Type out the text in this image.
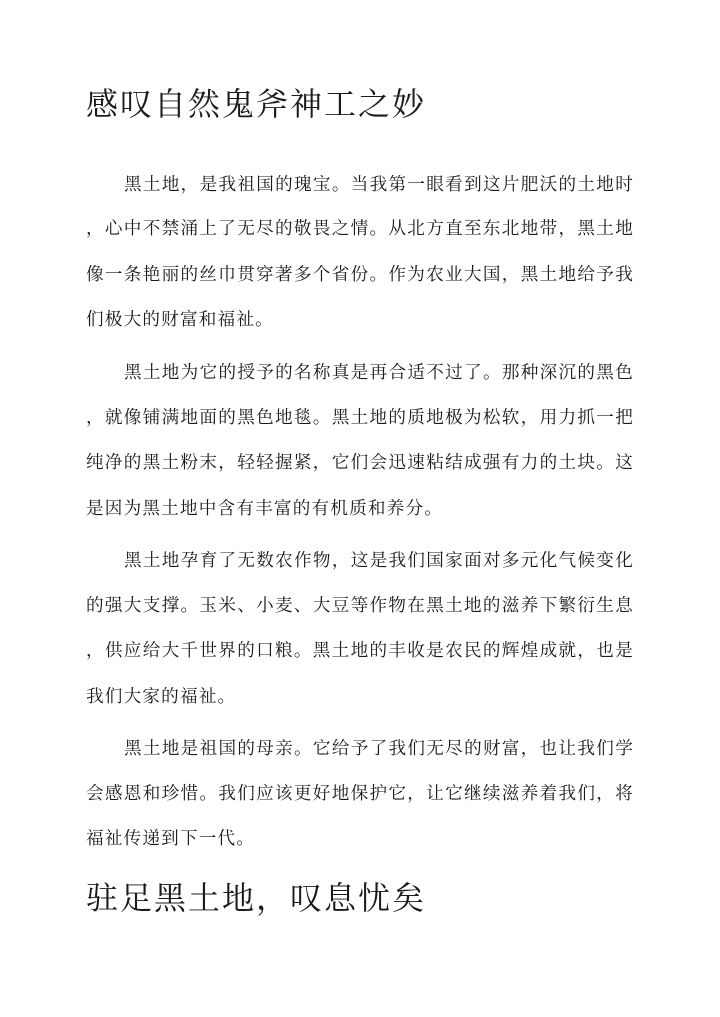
感叹自然鬼斧神工之妙
黑土地，是我祖国的瑰宝。当我第一眼看到这片肥沃的土地时
，心中不禁涌上了无尽的敬畏之情。从北方直至东北地带，黑土地
像一条艳丽的丝巾贯穿著多个省份。作为农业大国，黑土地给予我
们极大的财富和福祉。
黑土地为它的授予的名称真是再合适不过了。那种深沉的黑色
，就像铺满地面的黑色地毯。黑土地的质地极为松软，用力抓一把
纯净的黑土粉末，轻轻握紧，它们会迅速粘结成强有力的土块。这
是因为黑土地中含有丰富的有机质和养分。
黑土地孕育了无数农作物，这是我们国家面对多元化气候变化
的强大支撑。玉米、小麦、大豆等作物在黑土地的滋养下繁衍生息
，供应给大千世界的口粮。黑土地的丰收是农民的辉煌成就，也是
我们大家的福祉。
黑土地是祖国的母亲。它给予了我们无尽的财富，也让我们学
会感恩和珍惜。我们应该更好地保护它，让它继续滋养着我们，将
福祉传递到下一代。
驻足黑土地，叹息忧矣
